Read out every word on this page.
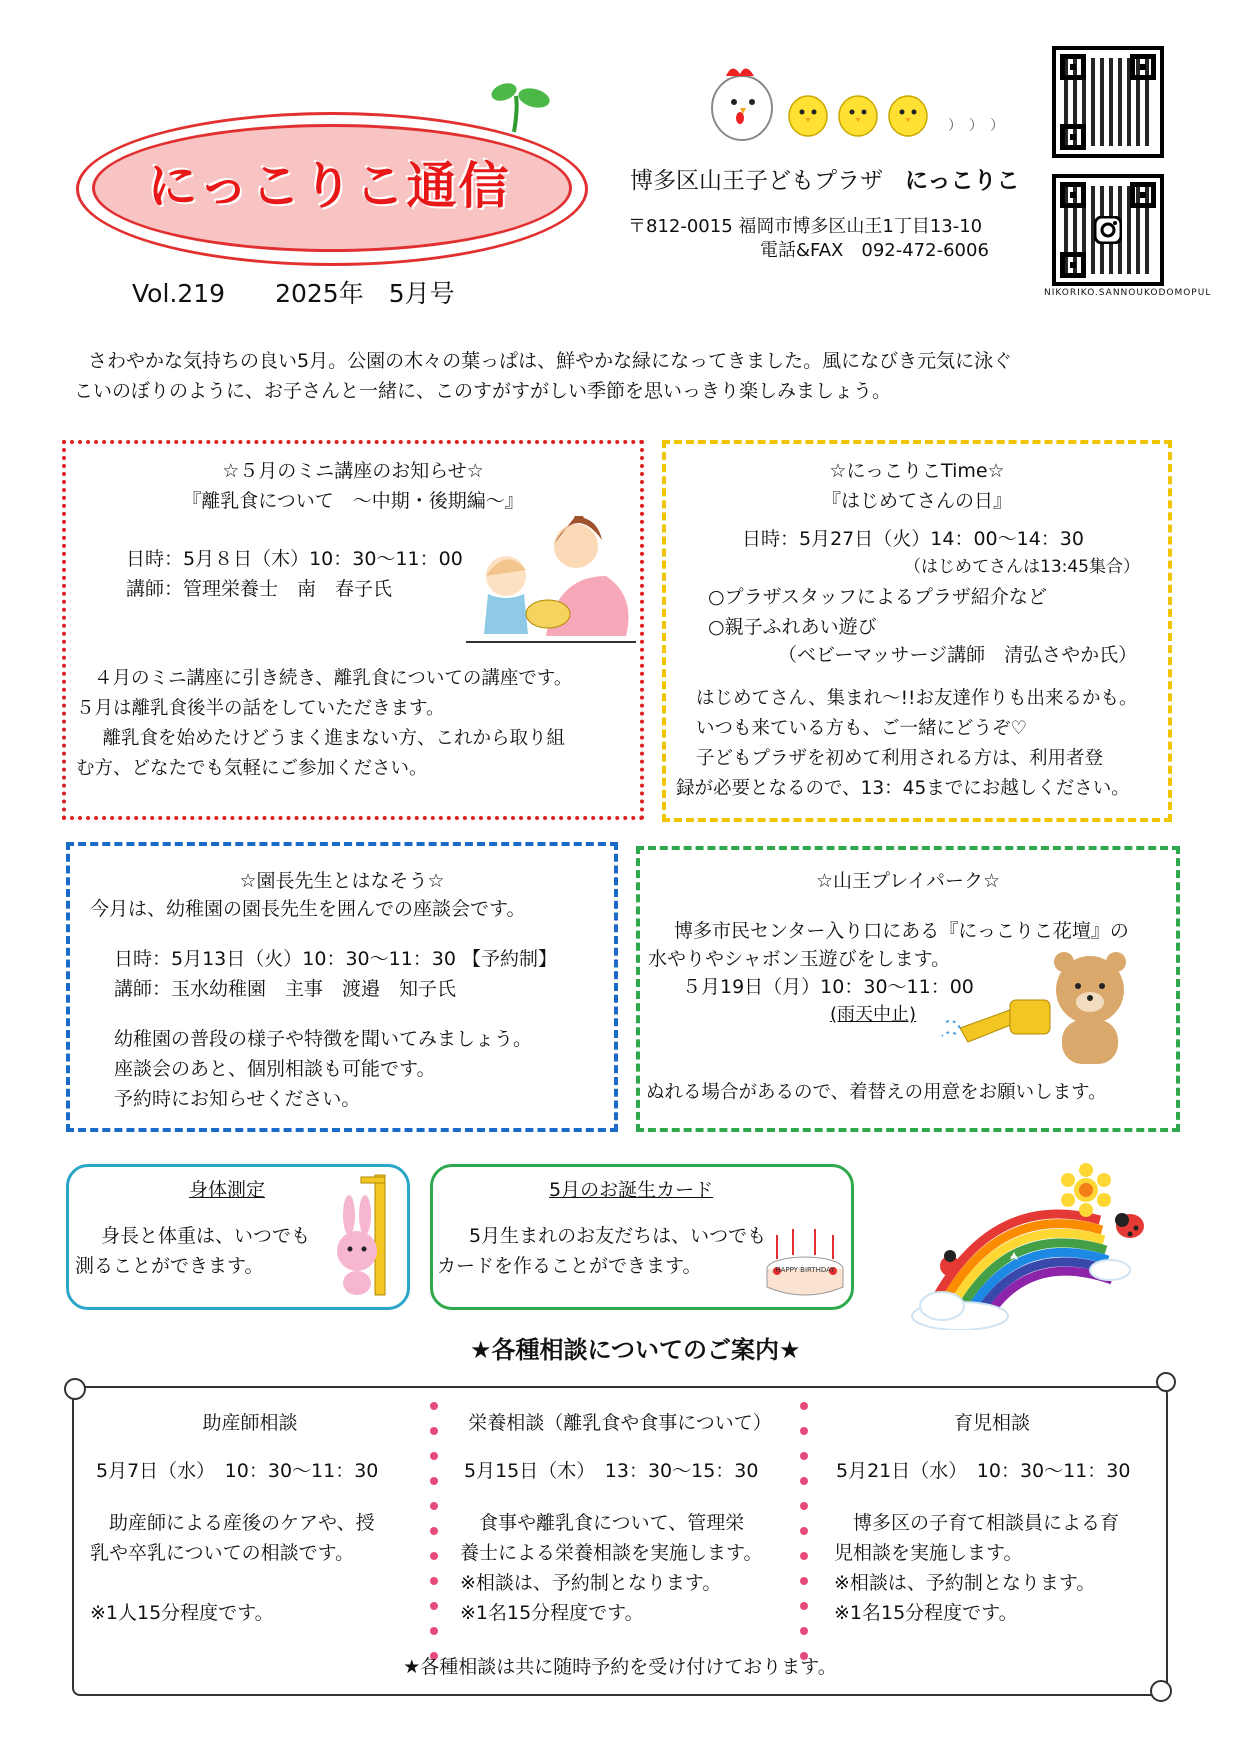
にっこりこ通信
Vol.219　　2025年　5月号
）　）　）
博多区山王子どもプラザ にっこりこ
〒812-0015 福岡市博多区山王1丁目13-10
電話&FAX　092-472-6006
NIKORIKO.SANNOUKODOMOPUL
さわやかな気持ちの良い5月。公園の木々の葉っぱは、鮮やかな緑になってきました。風になびき元気に泳ぐ
こいのぼりのように、お子さんと一緒に、このすがすがしい季節を思いっきり楽しみましょう。
☆５月のミニ講座のお知らせ☆
『離乳食について　～中期・後期編～』
日時：5月８日（木）10：30～11：00
講師：管理栄養士　南　春子氏
４月のミニ講座に引き続き、離乳食についての講座です。
５月は離乳食後半の話をしていただきます。
　離乳食を始めたけどうまく進まない方、これから取り組
む方、どなたでも気軽にご参加ください。
☆にっこりこTime☆
『はじめてさんの日』
日時：5月27日（火）14：00～14：30
（はじめてさんは13:45集合）
○プラザスタッフによるプラザ紹介など
○親子ふれあい遊び
（ベビーマッサージ講師　清弘さやか氏）
はじめてさん、集まれ～!!お友達作りも出来るかも。
いつも来ている方も、ご一緒にどうぞ♡
子どもプラザを初めて利用される方は、利用者登
録が必要となるので、13：45までにお越しください。
☆園長先生とはなそう☆
今月は、幼稚園の園長先生を囲んでの座談会です。
日時：5月13日（火）10：30～11：30 【予約制】
講師：玉水幼稚園　主事　渡邉　知子氏
幼稚園の普段の様子や特徴を聞いてみましょう。
座談会のあと、個別相談も可能です。
予約時にお知らせください。
☆山王プレイパーク☆
博多市民センター入り口にある『にっこりこ花壇』の
水やりやシャボン玉遊びをします。
５月19日（月）10：30～11：00
(雨天中止)
ぬれる場合があるので、着替えの用意をお願いします。
身体測定
身長と体重は、いつでも
測ることができます。
5月のお誕生カード
5月生まれのお友だちは、いつでも
カードを作ることができます。	HAPPY BIRTHDAY
★各種相談についてのご案内★
助産師相談
5月7日（水）　10：30～11：30
　助産師による産後のケアや、授
乳や卒乳についての相談です。
※1人15分程度です。
栄養相談（離乳食や食事について）
5月15日（木）　13：30～15：30
　食事や離乳食について、管理栄
養士による栄養相談を実施します。
※相談は、予約制となります。
※1名15分程度です。
育児相談
5月21日（水）　10：30～11：30
　博多区の子育て相談員による育
児相談を実施します。
※相談は、予約制となります。
※1名15分程度です。
★各種相談は共に随時予約を受け付けております。
